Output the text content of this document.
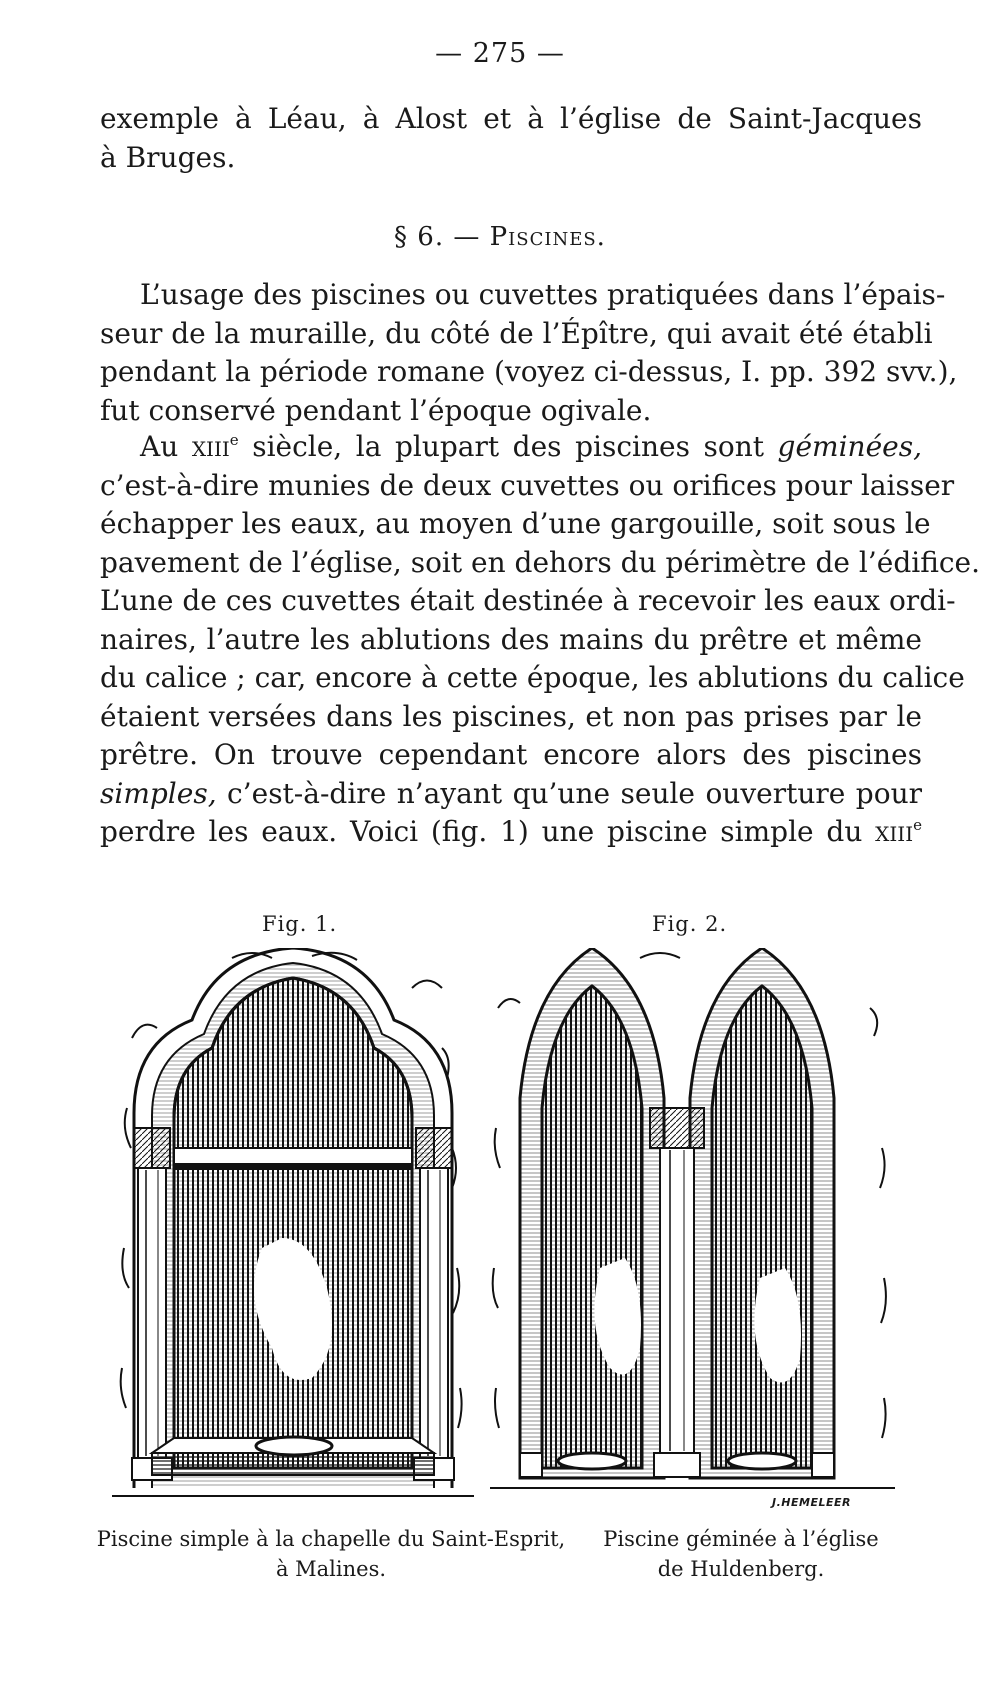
— 275 —
exemple à Léau, à Alost et à l’église de Saint-Jacques
à Bruges.
§ 6. — Piscines.
L’usage des piscines ou cuvettes pratiquées dans l’épais-
seur de la muraille, du côté de l’Épître, qui avait été établi
pendant la période romane (voyez ci-dessus, I. pp. 392 svv.),
fut conservé pendant l’époque ogivale.
Au xiii$^e$ siècle, la plupart des piscines sont géminées,
c’est-à-dire munies de deux cuvettes ou orifices pour laisser
échapper les eaux, au moyen d’une gargouille, soit sous le
pavement de l’église, soit en dehors du périmètre de l’édifice.
L’une de ces cuvettes était destinée à recevoir les eaux ordi-
naires, l’autre les ablutions des mains du prêtre et même
du calice ; car, encore à cette époque, les ablutions du calice
étaient versées dans les piscines, et non pas prises par le
prêtre. On trouve cependant encore alors des piscines
simples, c’est-à-dire n’ayant qu’une seule ouverture pour
perdre les eaux. Voici (fig. 1) une piscine simple du xiii$^e$
Fig. 1.	Fig. 2.
J.HEMELEER
Piscine simple à la chapelle du Saint-Esprit,
à Malines.
Piscine géminée à l’église
de Huldenberg.
